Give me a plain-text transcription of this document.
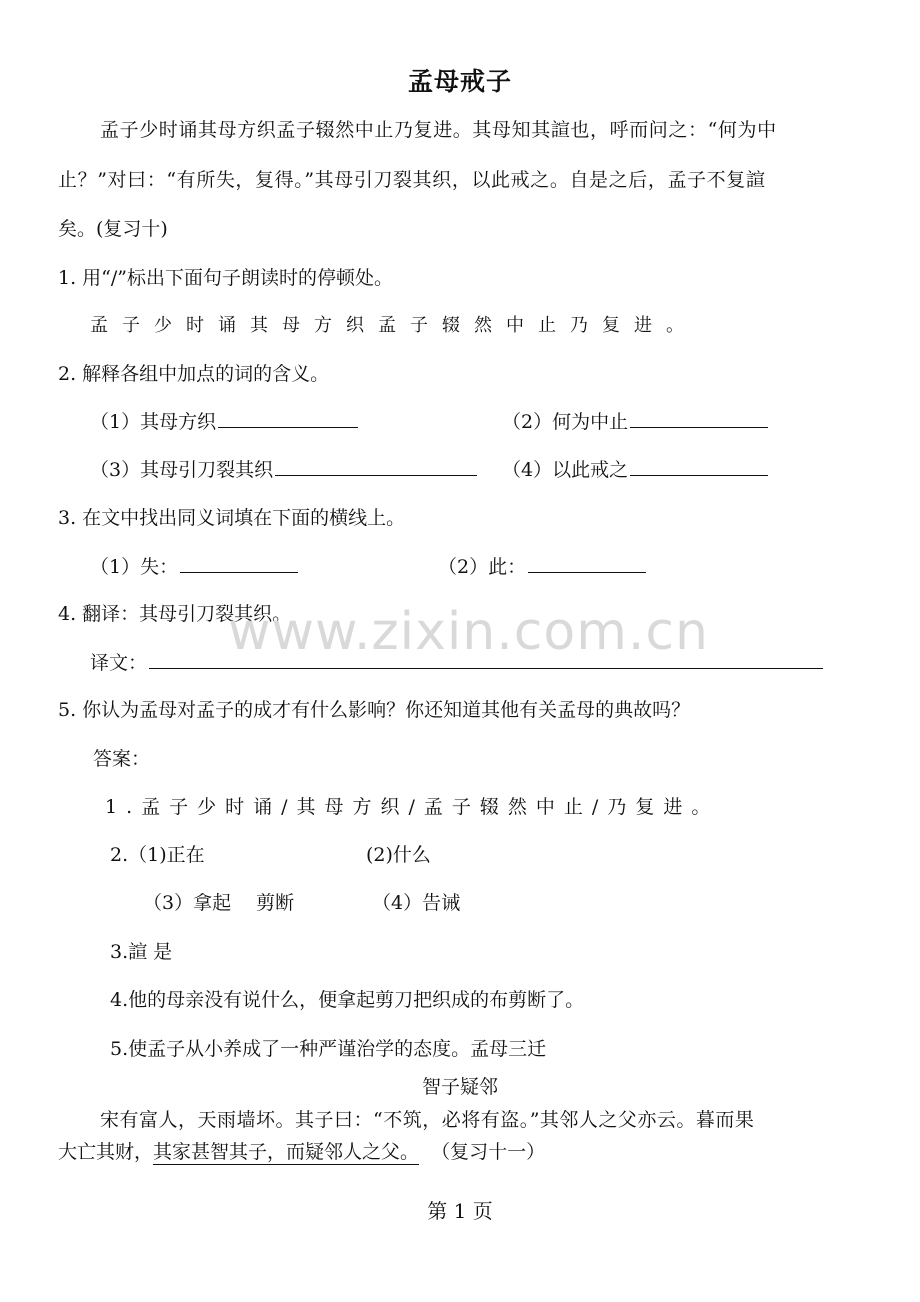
孟母戒子
孟子少时诵其母方织孟子辍然中止乃复进。其母知其諠也，呼而问之：“何为中
止？”对曰：“有所失，复得。”其母引刀裂其织，以此戒之。自是之后，孟子不复諠
矣。(复习十)
1. 用“/”标出下面句子朗读时的停顿处。
孟子少时诵其母方织孟子辍然中止乃复进。
2. 解释各组中加点的词的含义。
（1）其母方织	（2）何为中止
（3）其母引刀裂其织	（4）以此戒之
3. 在文中找出同义词填在下面的横线上。
（1）失：	（2）此：
4. 翻译：其母引刀裂其织。
译文：
5. 你认为孟母对孟子的成才有什么影响？你还知道其他有关孟母的典故吗？
答案：
1.孟子少时诵/其母方织/孟子辍然中止/乃复进。
2.（1)正在	(2)什么
（3）拿起　 剪断	（4）告诫
3.諠 是
4.他的母亲没有说什么，便拿起剪刀把织成的布剪断了。
5.使孟子从小养成了一种严谨治学的态度。孟母三迁
智子疑邻
宋有富人，天雨墙坏。其子曰：“不筑，必将有盗。”其邻人之父亦云。暮而果
大亡其财，其家甚智其子，而疑邻人之父。 （复习十一）
第 1 页
www.zixin.com.cn
